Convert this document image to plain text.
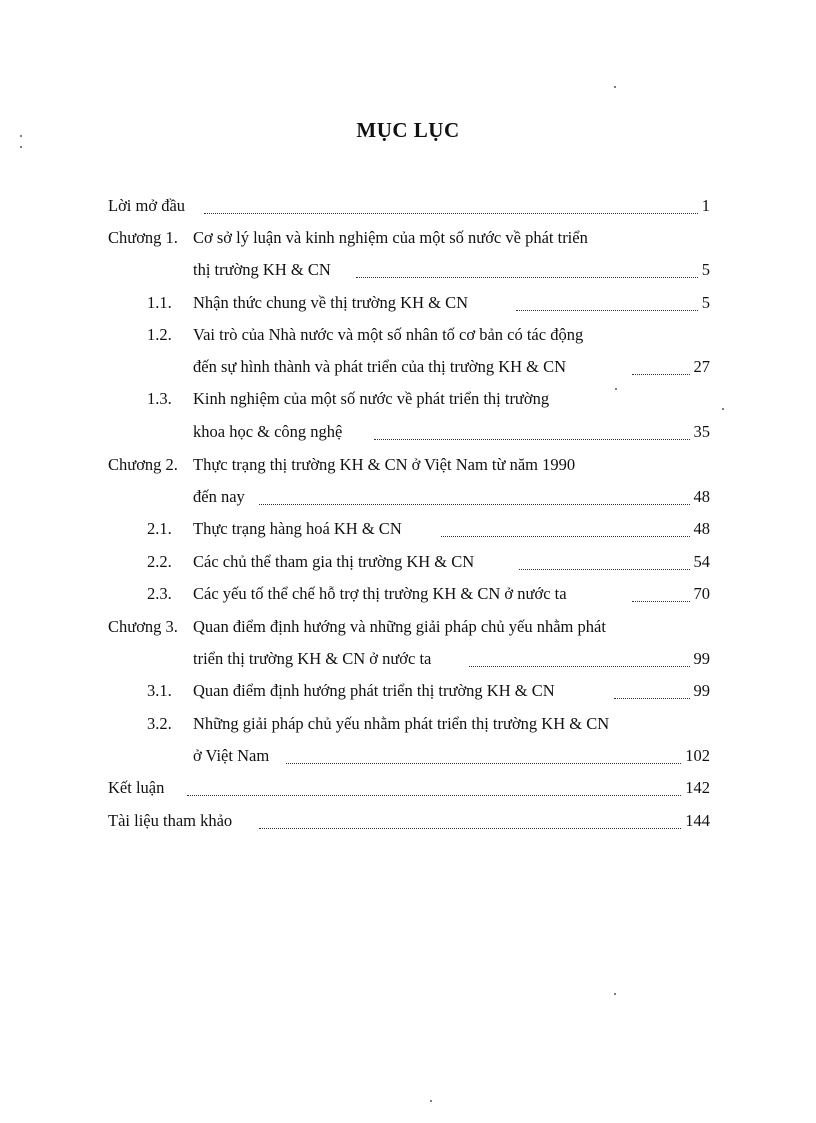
MỤC LỤC
Lời mở đầu	1
Chương 1. Cơ sở lý luận và kinh nghiệm của một số nước về phát triển
thị trường KH & CN	5
1.1. Nhận thức chung về thị trường KH & CN	5
1.2. Vai trò của Nhà nước và một số nhân tố cơ bản có tác động
đến sự hình thành và phát triển của thị trường KH & CN	27
1.3. Kinh nghiệm của một số nước về phát triển thị trường
khoa học & công nghệ	35
Chương 2. Thực trạng thị trường KH & CN ở Việt Nam từ năm 1990
đến nay	48
2.1. Thực trạng hàng hoá KH & CN	48
2.2. Các chủ thể tham gia thị trường KH & CN	54
2.3. Các yếu tố thể chế hỗ trợ thị trường KH & CN ở nước ta	70
Chương 3. Quan điểm định hướng và những giải pháp chủ yếu nhằm phát
triển thị trường KH & CN ở nước ta	99
3.1. Quan điểm định hướng phát triển thị trường KH & CN	99
3.2. Những giải pháp chủ yếu nhằm phát triển thị trường KH & CN
ở Việt Nam	102
Kết luận	142
Tài liệu tham khảo	144
